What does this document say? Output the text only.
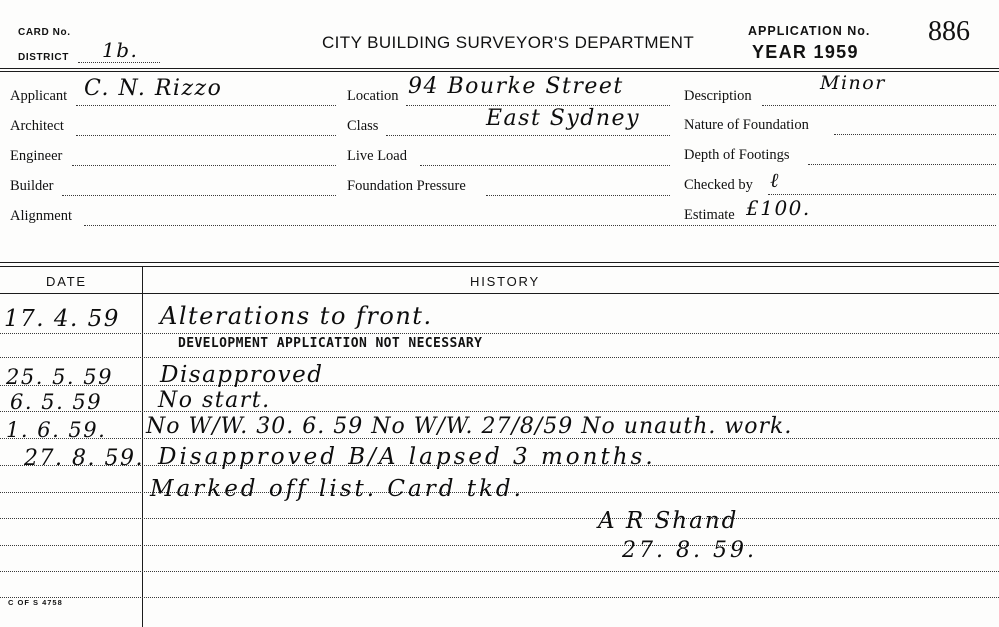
CARD No.
DISTRICT 1b.	CITY BUILDING SURVEYOR'S DEPARTMENT
APPLICATION No.
YEAR 1959
886
Applicant C. N. Rizzo
Architect
Engineer
Builder
Alignment
Location 94 Bourke Street
Class	East Sydney
Live Load
Foundation Pressure
Description
Minor
Nature of Foundation
Depth of Footings
Checked by ℓ
Estimate £100.
DATE	HISTORY
17. 4. 59 Alterations to front.
DEVELOPMENT APPLICATION NOT NECESSARY
25. 5. 59 Disapproved
6. 5. 59	No start.
1. 6. 59. No W/W. 30. 6. 59 No W/W. 27/8/59 No unauth. work.
27. 8. 59. Disapproved B/A lapsed 3 months.
Marked off list. Card tkd.
A R Shand
27. 8. 59.
C OF S 4758
